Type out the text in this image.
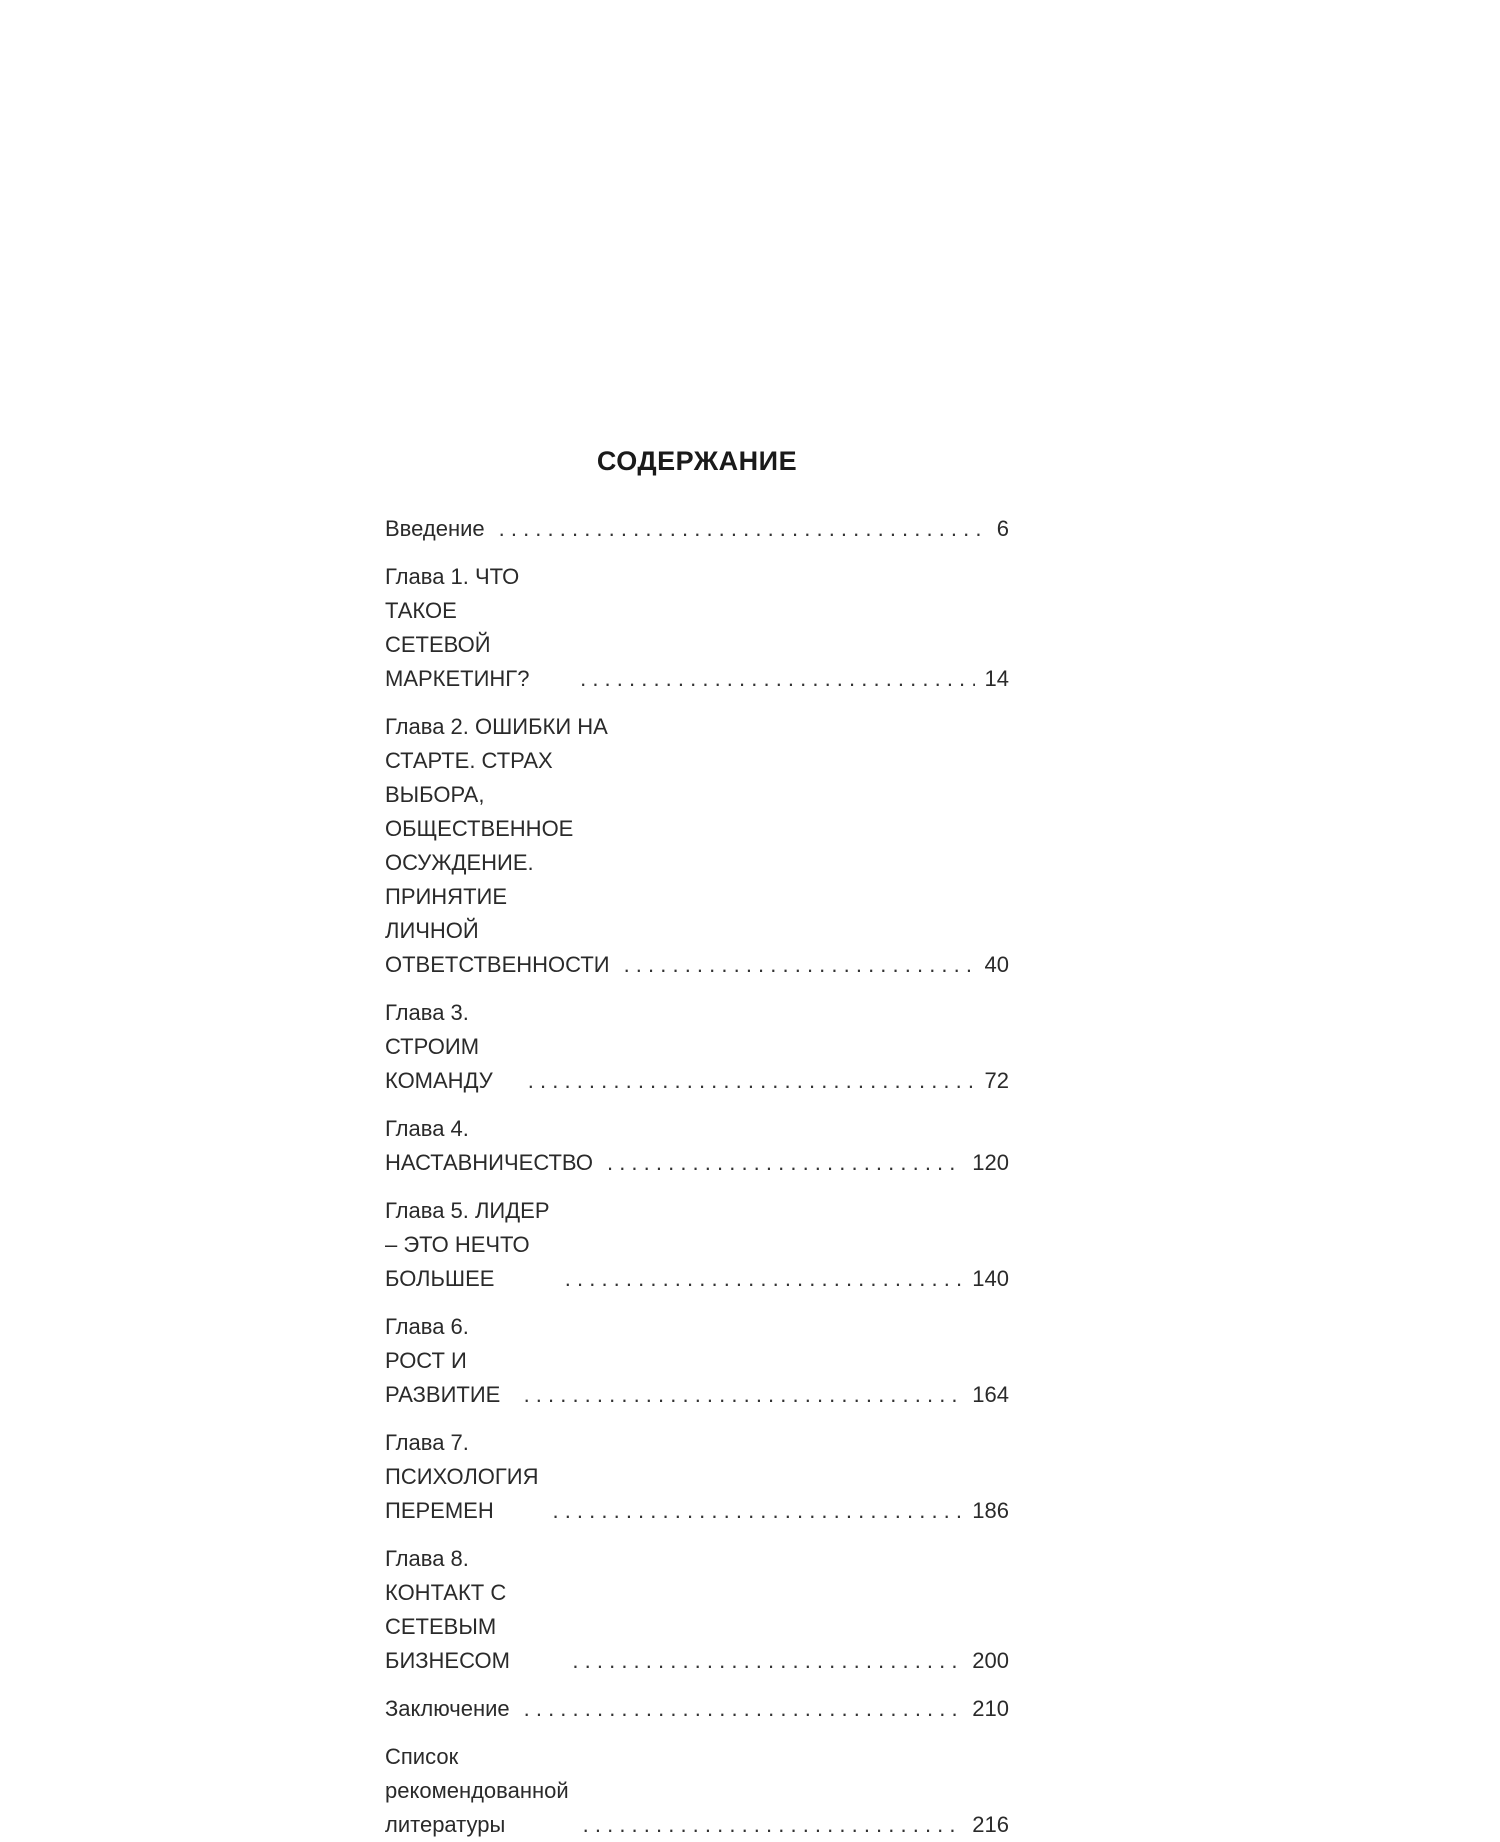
СОДЕРЖАНИЕ
Введение . . .	6
Глава 1. ЧТО ТАКОЕ СЕТЕВОЙ МАРКЕТИНГ? . . .	14
Глава 2. ОШИБКИ НА СТАРТЕ. СТРАХ ВЫБОРА,
ОБЩЕСТВЕННОЕ ОСУЖДЕНИЕ. ПРИНЯТИЕ
ЛИЧНОЙ ОТВЕТСТВЕННОСТИ . . .	40
Глава 3. СТРОИМ КОМАНДУ . . .	72
Глава 4. НАСТАВНИЧЕСТВО . . .	120
Глава 5. ЛИДЕР – ЭТО НЕЧТО БОЛЬШЕЕ . . .	140
Глава 6. РОСТ И РАЗВИТИЕ . . .	164
Глава 7. ПСИХОЛОГИЯ ПЕРЕМЕН . . .	186
Глава 8. КОНТАКТ С СЕТЕВЫМ БИЗНЕСОМ . . .	200
Заключение . . .	210
Список рекомендованной литературы . . .	216
